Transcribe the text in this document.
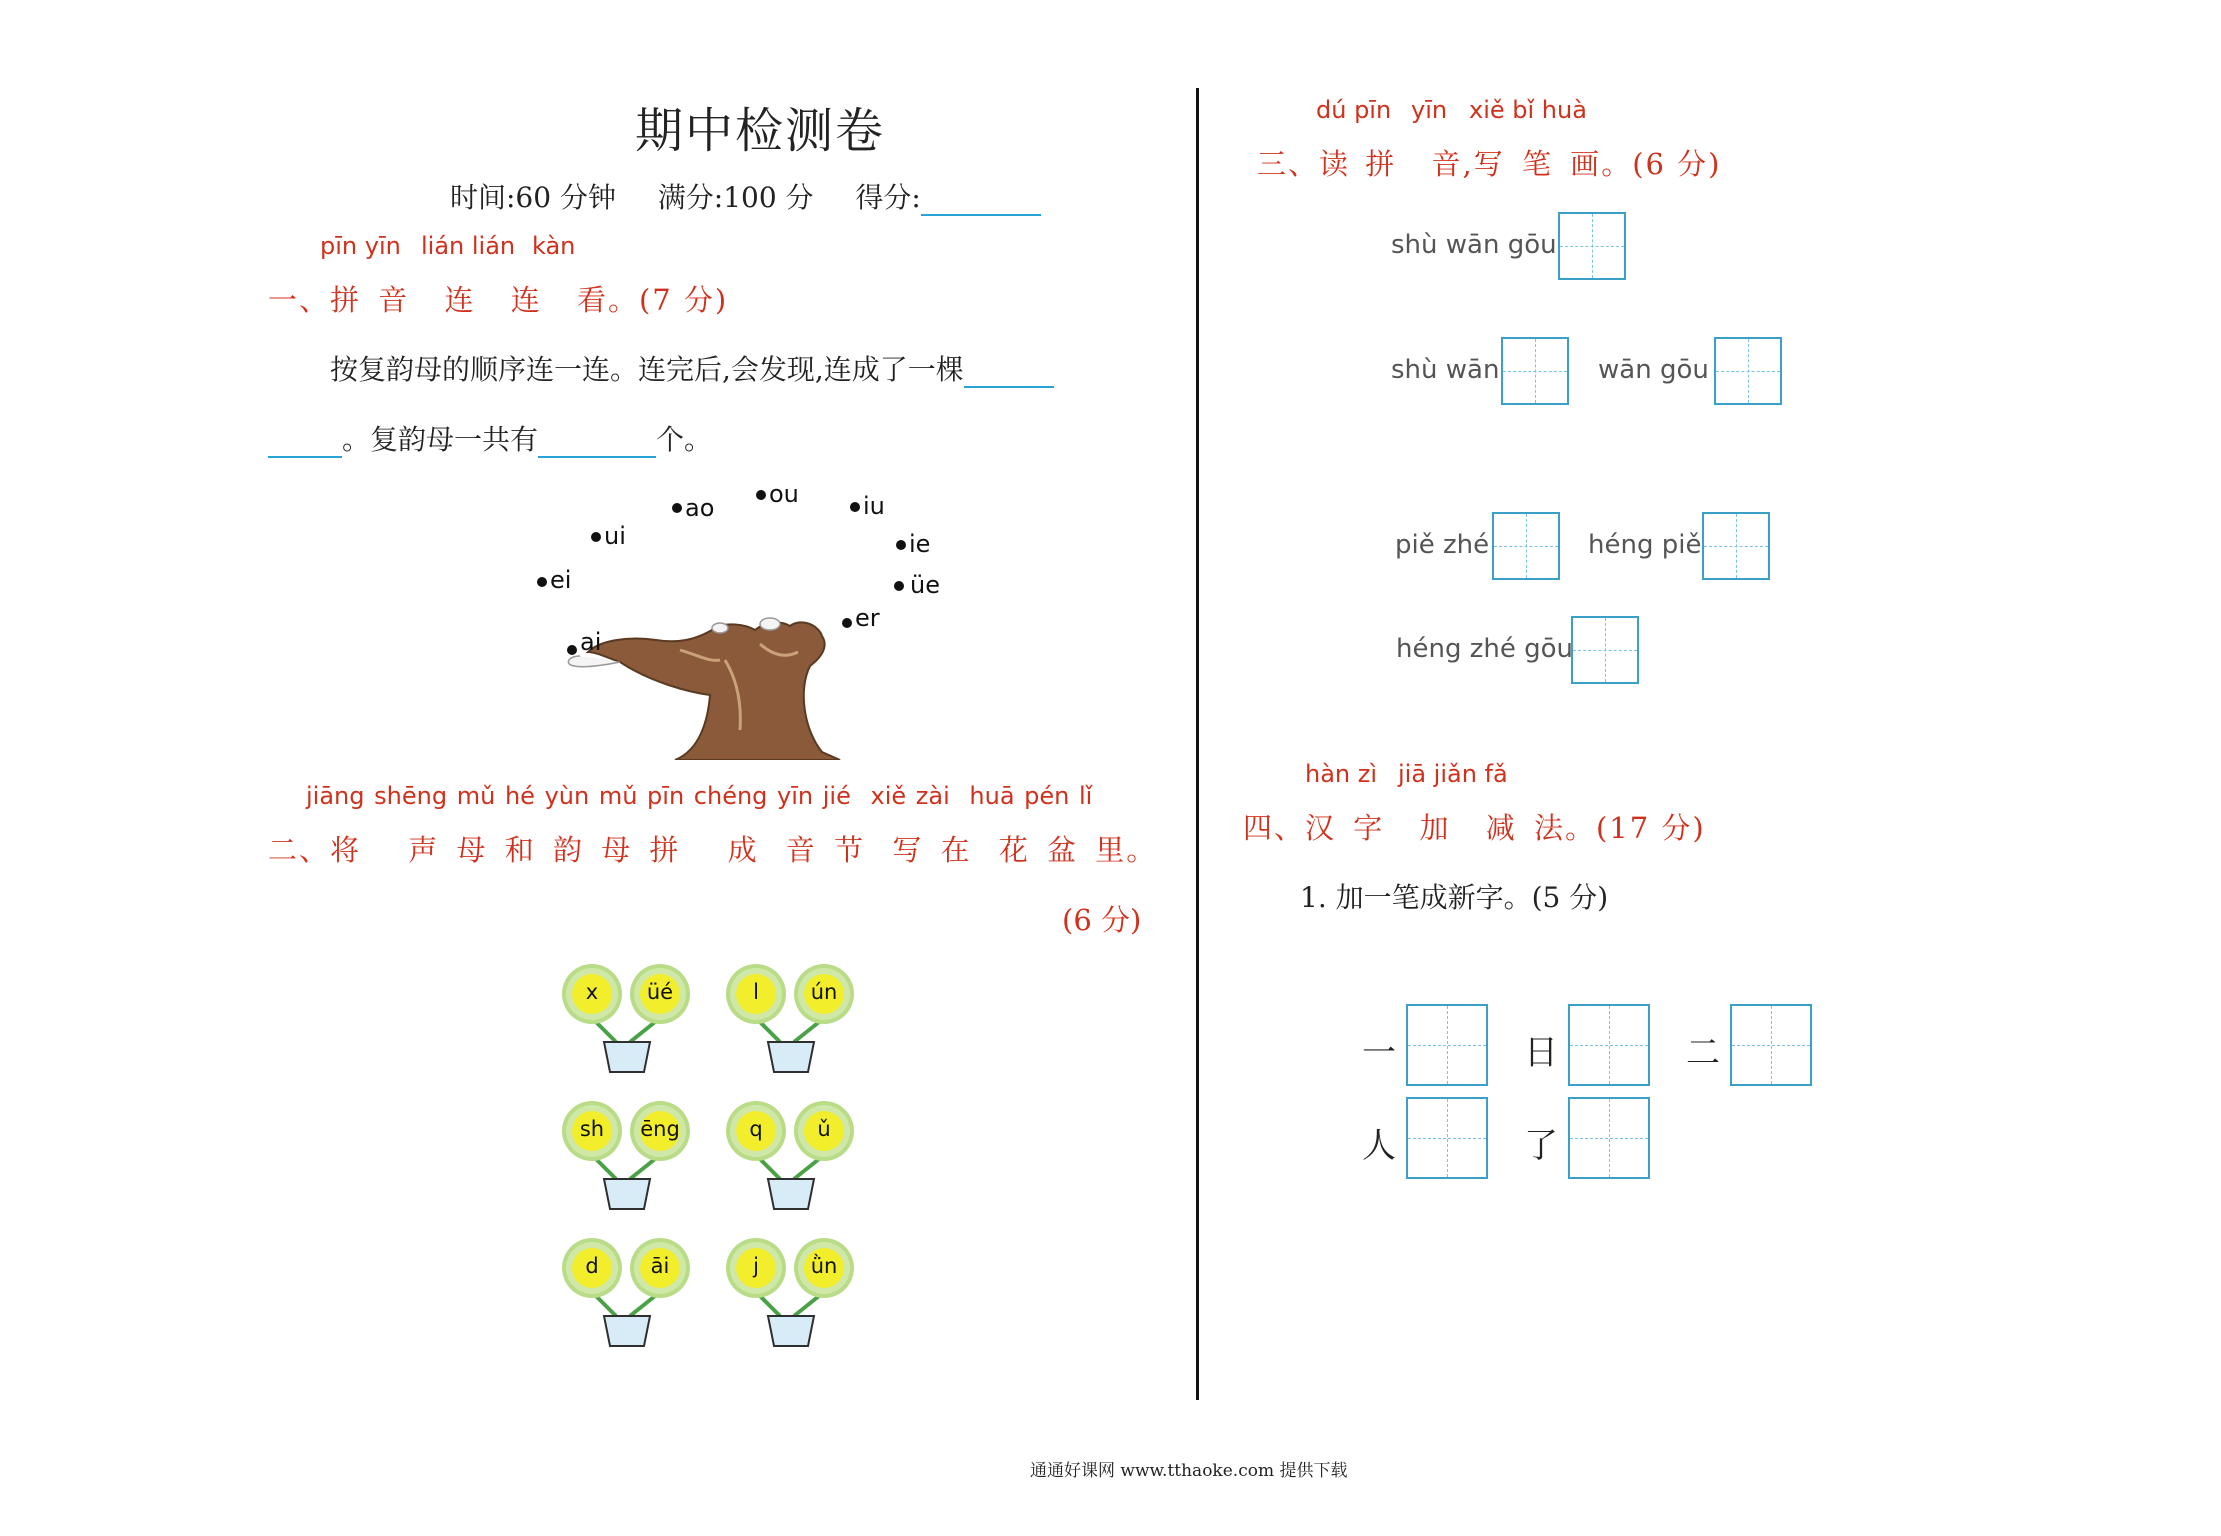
期中检测卷
时间:60 分钟 满分:100 分 得分:
pīn yīn lián lián kàn
一、拼 音 连 连 看。(7 分)
按复韵母的顺序连一连。连完后,会发现,连成了一棵
。复韵母一共有	个。
ao ou	iu
ui	ie
ei	üe
er
ai
jiāng shēng mǔ hé yùn mǔ pīn chéng yīn jié xiě zài huā pén lǐ
二、将 声 母 和 韵 母 拼 成 音 节 写 在 花 盆 里。
(6 分)
x	üé	l	ún
sh	ēng	q	ǔ
d	āi	j	ǜn
dú pīn yīn xiě bǐ huà
三、读 拼 音,写 笔 画。(6 分)
shù wān gōu
shù wān	wān gōu
piě zhé	héng piě
héng zhé gōu
hàn zì jiā jiǎn fǎ
四、汉 字 加 减 法。(17 分)
1. 加一笔成新字。(5 分)
一	日	二
人	了
通通好课网 www.tthaoke.com 提供下载
